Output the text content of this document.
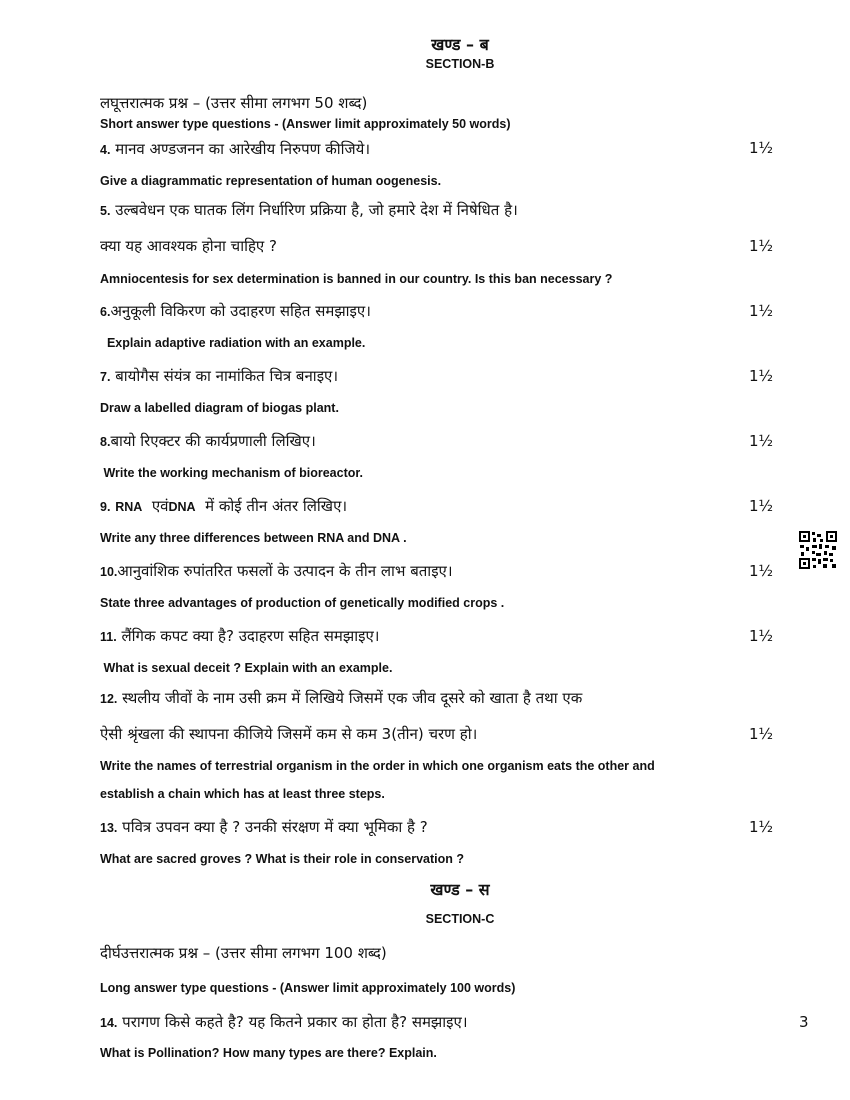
खण्ड – ब
SECTION-B
लघूत्तरात्मक प्रश्न – (उत्तर सीमा लगभग 50 शब्द)
Short answer type questions - (Answer limit approximately 50 words)
4. मानव अण्डजनन का आरेखीय निरुपण कीजिये।	1½
Give a diagrammatic representation of human oogenesis.
5. उल्बवेधन एक घातक लिंग निर्धारिण प्रक्रिया है, जो हमारे देश में निषेधित है।
क्या यह आवश्यक होना चाहिए ?	1½
Amniocentesis for sex determination is banned in our country. Is this ban necessary ?
6.अनुकूली विकिरण को उदाहरण सहित समझाइए।	1½
Explain adaptive radiation with an example.
7. बायोगैस संयंत्र का नामांकित चित्र बनाइए।	1½
Draw a labelled diagram of biogas plant.
8.बायो रिएक्टर की कार्यप्रणाली लिखिए।	1½
Write the working mechanism of bioreactor.
9. RNA एवंDNA में कोई तीन अंतर लिखिए।	1½
Write any three differences between RNA and DNA .
10.आनुवांशिक रुपांतरित फसलों के उत्पादन के तीन लाभ बताइए।	1½
State three advantages of production of genetically modified crops .
11. लैंगिक कपट क्या है? उदाहरण सहित समझाइए।	1½
What is sexual deceit ? Explain with an example.
12. स्थलीय जीवों के नाम उसी क्रम में लिखिये जिसमें एक जीव दूसरे को खाता है तथा एक
ऐसी श्रृंखला की स्थापना कीजिये जिसमें कम से कम 3(तीन) चरण हो।	1½
Write the names of terrestrial organism in the order in which one organism eats the other and
establish a chain which has at least three steps.
13. पवित्र उपवन क्या है ? उनकी संरक्षण में क्या भूमिका है ?	1½
What are sacred groves ? What is their role in conservation ?
खण्ड – स
SECTION-C
दीर्घउत्तरात्मक प्रश्न – (उत्तर सीमा लगभग 100 शब्द)
Long answer type questions - (Answer limit approximately 100 words)
14. परागण किसे कहते है? यह कितने प्रकार का होता है? समझाइए।	3
What is Pollination? How many types are there? Explain.
